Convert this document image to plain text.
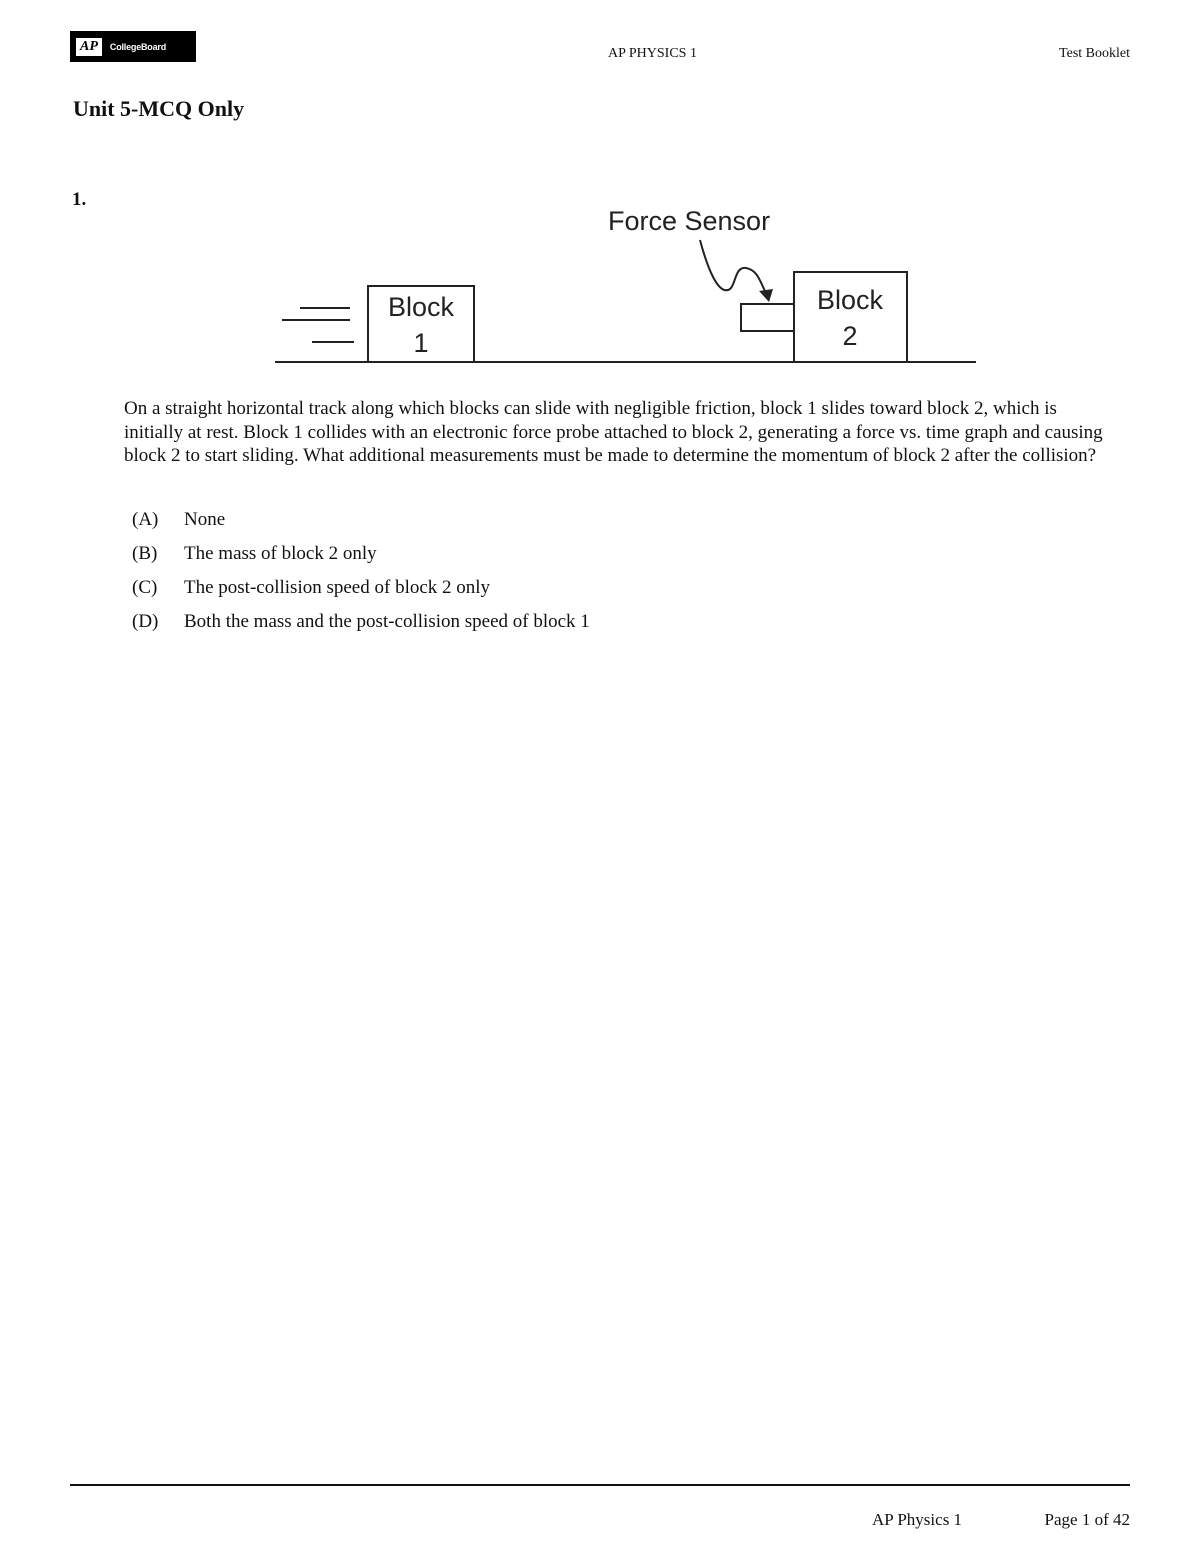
AP	CollegeBoard	AP PHYSICS 1	Test Booklet
Unit 5-MCQ Only
1.
Block
1
Block
2
Force Sensor

On a straight horizontal track along which blocks can slide with negligible friction, block 1 slides toward block 2, which is initially at rest. Block 1 collides with an electronic force probe attached to block 2, generating a force vs. time graph and causing block 2 to start sliding. What additional measurements must be made to determine the momentum of block 2 after the collision?

(A)	None
(B)	The mass of block 2 only
(C)	The post-collision speed of block 2 only
(D)	Both the mass and the post-collision speed of block 1
AP Physics 1	Page 1 of 42
